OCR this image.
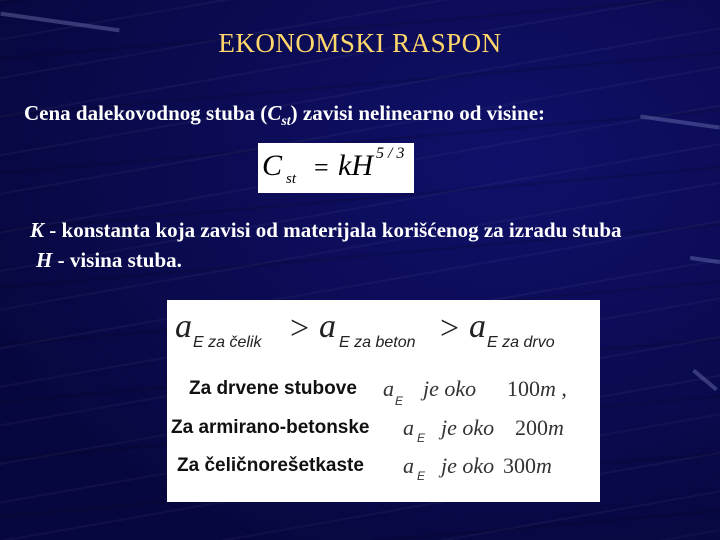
EKONOMSKI RASPON
Cena dalekovodnog stuba $(C_{st})$ zavisi nelinearno od visine:
C st = kH 5 / 3
K - konstanta koja zavisi od materijala korišćenog za izradu stuba
H - visina stuba.
a E za čelik > a E za beton > a E za drvo
Za drvene stubove a E je oko 100m ,
Za armirano-betonske a E je oko 200m
Za čeličnorešetkaste a E je oko 300m
